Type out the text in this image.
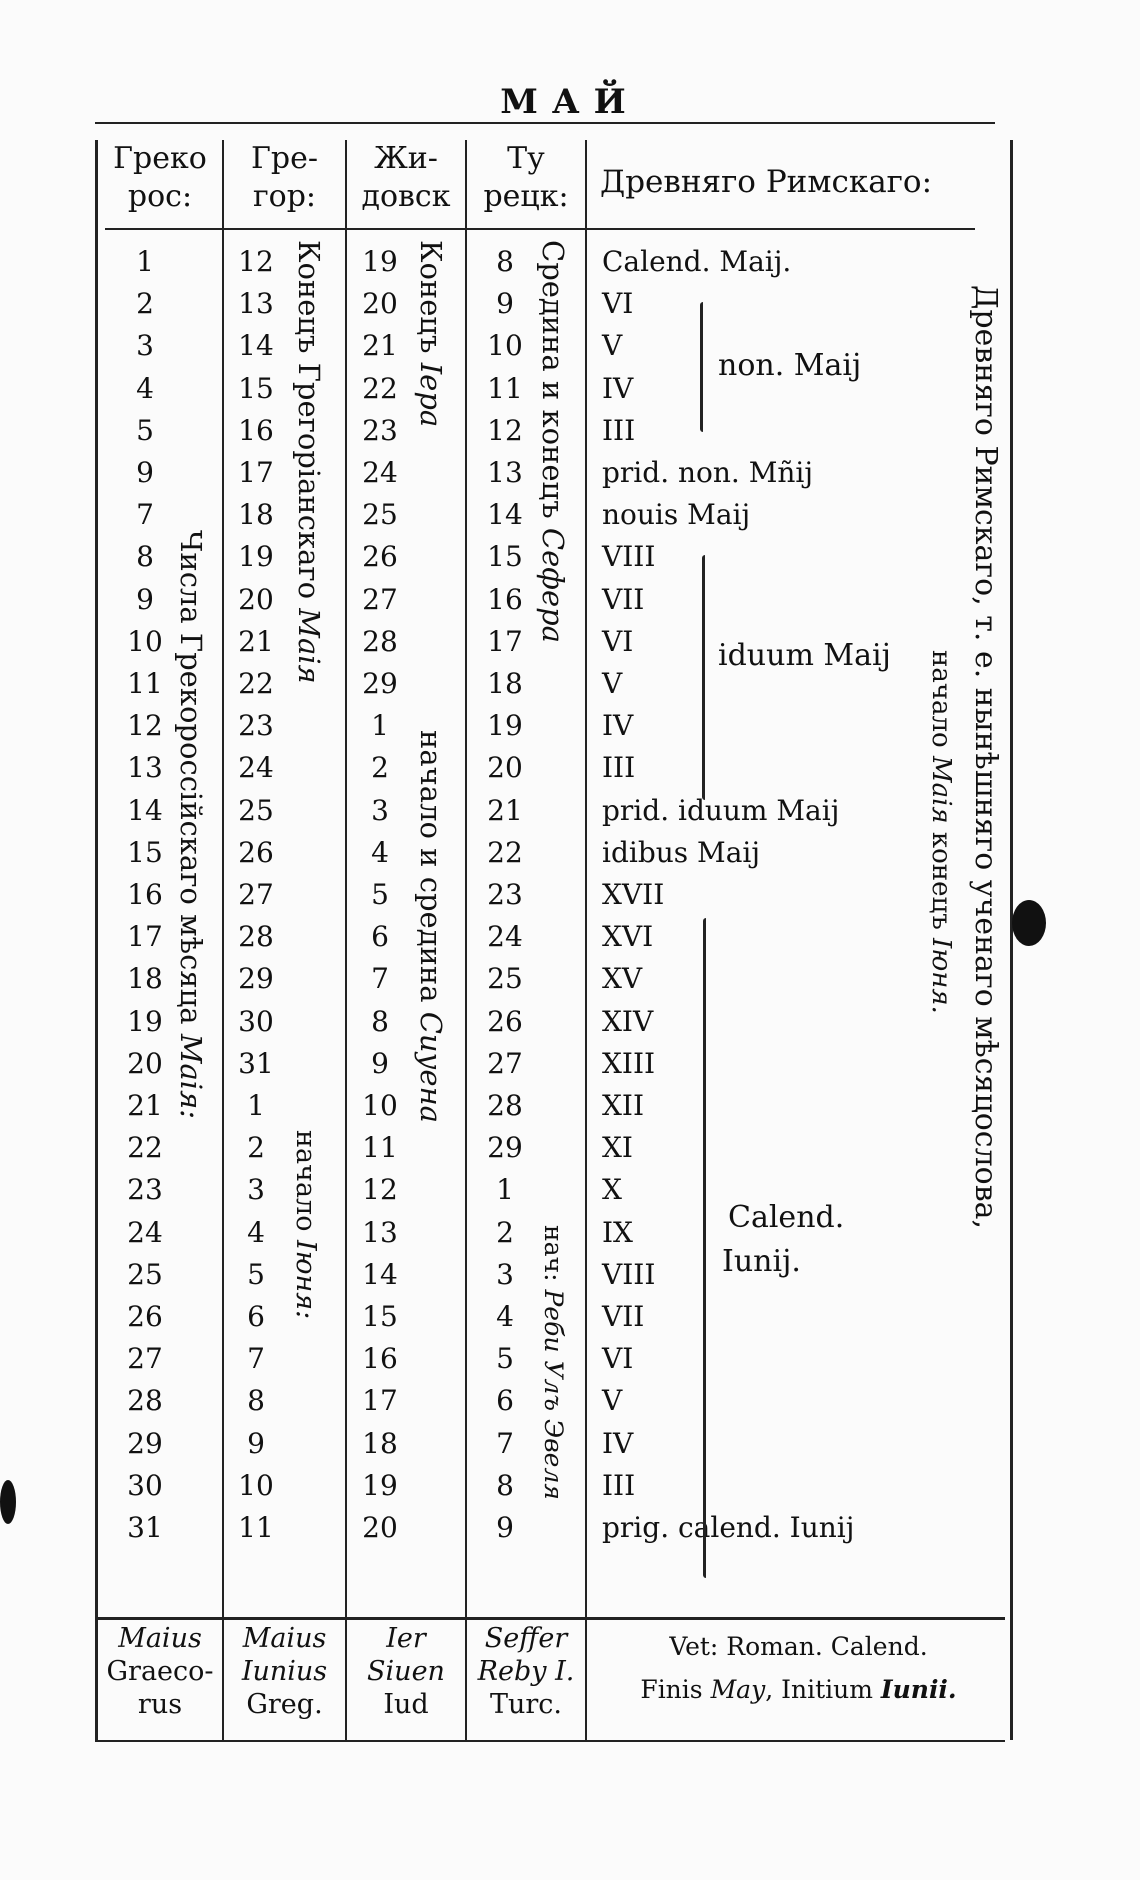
МАЙ
Греко
рос:
Гре-
гор:
Жи-
довск
Ту
рецк:	Древняго Римскаго:
1
2
3
4
5
9
7
8
9
10
11
12
13
14
15
16
17
18
19
20
21
22
23
24
25
26
27
28
29
30
31
12
13
14
15
16
17
18
19
20
21
22
23
24
25
26
27
28
29
30
31
1
2
3
4
5
6
7
8
9
10
11
19
20
21
22
23
24
25
26
27
28
29
1
2
3
4
5
6
7
8
9
10
11
12
13
14
15
16
17
18
19
20
8
9
10
11
12
13
14
15
16
17
18
19
20
21
22
23
24
25
26
27
28
29
1
2
3
4
5
6
7
8
9
Calend. Maij.
VI
V
IV
III
prid. non. Mñij
nouis Maij
VIII
VII
VI
V
IV
III
prid. iduum Maij
idibus Maij
XVII
XVI
XV
XIV
XIII
XII
XI
X
IX
VIII
VII
VI
V
IV
III
prig. calend. Iunij
non. Maij
iduum Maij
Calend.
Iunij.
Числа Грекороссійскаго мѣсяца Маія:
Конецъ Грегоріанскаго Маія
начало Іюня:
Конецъ Іера
начало и средина Сиуена
Средина и конецъ Сеферa
нач: Реби Улъ Эвеля
начало Маія конецъ Іюня. Древняго Римскаго, т. е. нынѣшняго ученаго мѣсяцослова,
Maius
Graeco-
rus
Maius
Iunius
Greg.
Ier
Siuen
Iud
Seffer
Reby I.
Turc.
Vet: Roman. Calend.
Finis May, Initium Iunii.
